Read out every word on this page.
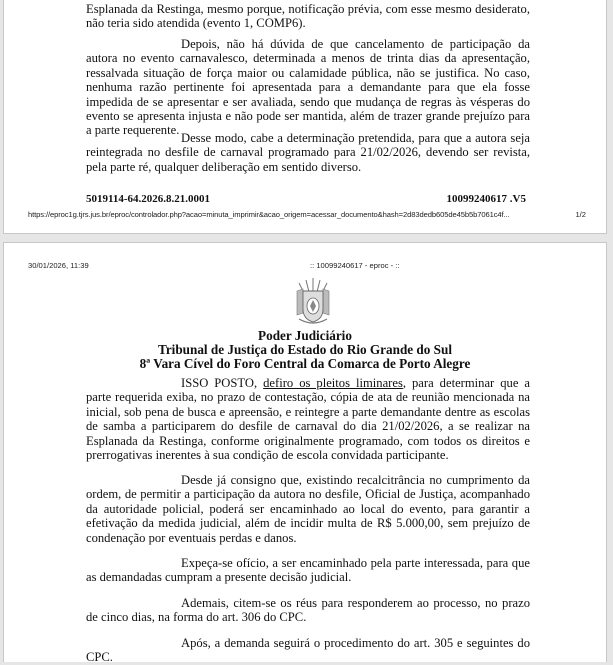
Esplanada da Restinga, mesmo porque, notificação prévia, com esse mesmo desiderato, não teria sido atendida (evento 1, COMP6).

Depois, não há dúvida de que cancelamento de participação da autora no evento carnavalesco, determinada a menos de trinta dias da apresentação, ressalvada situação de força maior ou calamidade pública, não se justifica. No caso, nenhuma razão pertinente foi apresentada para a demandante para que ela fosse impedida de se apresentar e ser avaliada, sendo que mudança de regras às vésperas do evento se apresenta injusta e não pode ser mantida, além de trazer grande prejuízo para a parte requerente.

Desse modo, cabe a determinação pretendida, para que a autora seja reintegrada no desfile de carnaval programado para 21/02/2026, devendo ser revista, pela parte ré, qualquer deliberação em sentido diverso.

5019114-64.2026.8.21.0001	10099240617 .V5
https://eproc1g.tjrs.jus.br/eproc/controlador.php?acao=minuta_imprimir&acao_origem=acessar_documento&hash=2d83dedb605de45b5b7061c4f...	1/2
30/01/2026, 11:39	:: 10099240617 - eproc - ::

Poder Judiciário

Tribunal de Justiça do Estado do Rio Grande do Sul

8ª Vara Cível do Foro Central da Comarca de Porto Alegre

ISSO POSTO, defiro os pleitos liminares, para determinar que a parte requerida exiba, no prazo de contestação, cópia de ata de reunião mencionada na inicial, sob pena de busca e apreensão, e reintegre a parte demandante dentre as escolas de samba a participarem do desfile de carnaval do dia 21/02/2026, a se realizar na Esplanada da Restinga, conforme originalmente programado, com todos os direitos e prerrogativas inerentes à sua condição de escola convidada participante.

Desde já consigno que, existindo recalcitrância no cumprimento da ordem, de permitir a participação da autora no desfile, Oficial de Justiça, acompanhado da autoridade policial, poderá ser encaminhado ao local do evento, para garantir a efetivação da medida judicial, além de incidir multa de R$ 5.000,00, sem prejuízo de condenação por eventuais perdas e danos.

Expeça-se ofício, a ser encaminhado pela parte interessada, para que as demandadas cumpram a presente decisão judicial.

Ademais, citem-se os réus para responderem ao processo, no prazo de cinco dias, na forma do art. 306 do CPC.

Após, a demanda seguirá o procedimento do art. 305 e seguintes do CPC.
